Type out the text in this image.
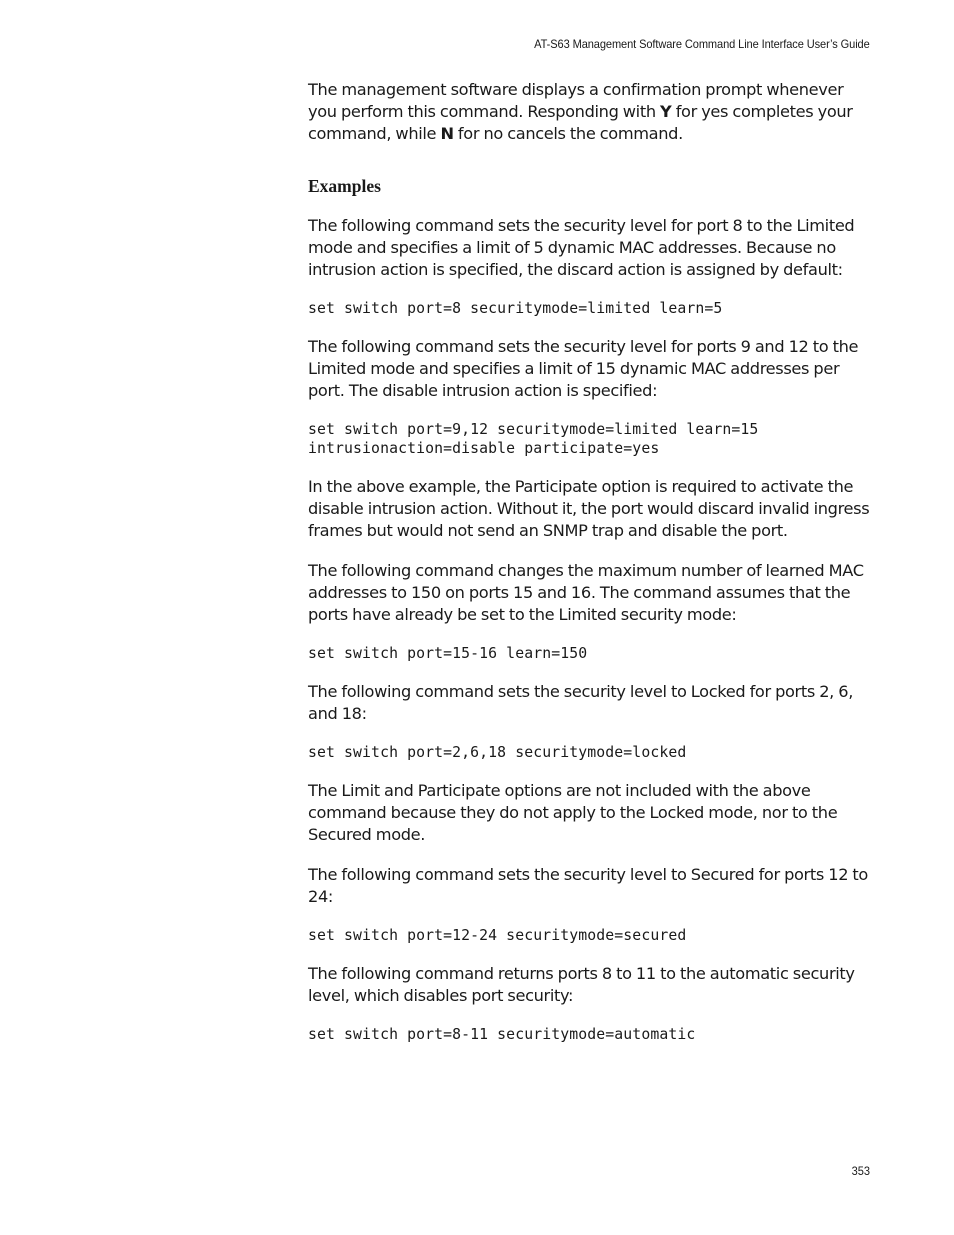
AT-S63 Management Software Command Line Interface User’s Guide

The management software displays a confirmation prompt whenever you perform this command. Responding with Y for yes completes your command, while N for no cancels the command.

Examples

The following command sets the security level for port 8 to the Limited mode and specifies a limit of 5 dynamic MAC addresses. Because no intrusion action is specified, the discard action is assigned by default:

set switch port=8 securitymode=limited learn=5

The following command sets the security level for ports 9 and 12 to the Limited mode and specifies a limit of 15 dynamic MAC addresses per port. The disable intrusion action is specified:

set switch port=9,12 securitymode=limited learn=15
intrusionaction=disable participate=yes

In the above example, the Participate option is required to activate the disable intrusion action. Without it, the port would discard invalid ingress frames but would not send an SNMP trap and disable the port.

The following command changes the maximum number of learned MAC addresses to 150 on ports 15 and 16. The command assumes that the ports have already be set to the Limited security mode:

set switch port=15-16 learn=150

The following command sets the security level to Locked for ports 2, 6, and 18:

set switch port=2,6,18 securitymode=locked

The Limit and Participate options are not included with the above command because they do not apply to the Locked mode, nor to the Secured mode.

The following command sets the security level to Secured for ports 12 to 24:

set switch port=12-24 securitymode=secured

The following command returns ports 8 to 11 to the automatic security level, which disables port security:

set switch port=8-11 securitymode=automatic
353
